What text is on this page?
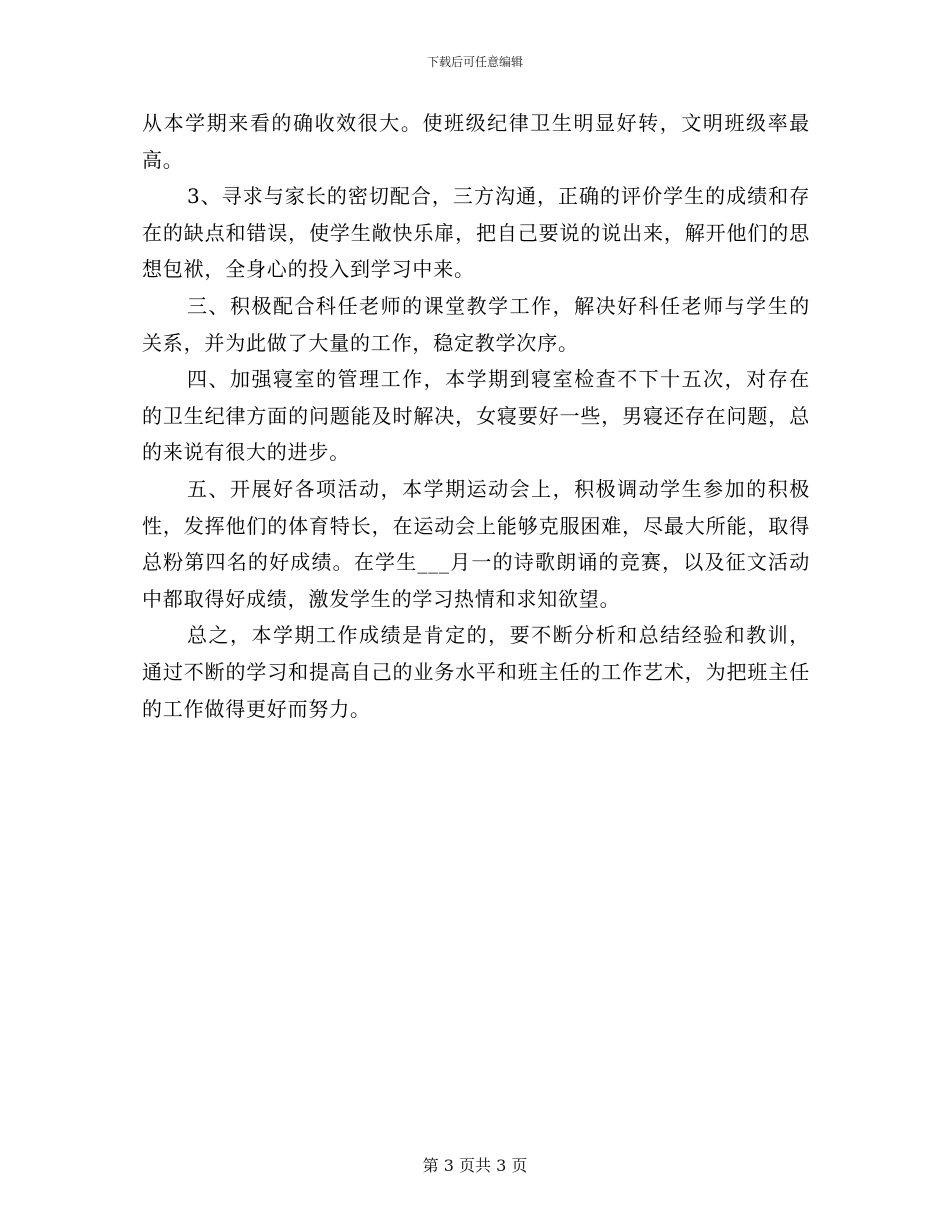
下载后可任意编辑

从本学期来看的确收效很大。使班级纪律卫生明显好转，文明班级率最高。

3、寻求与家长的密切配合，三方沟通，正确的评价学生的成绩和存在的缺点和错误，使学生敞快乐扉，把自己要说的说出来，解开他们的思想包袱，全身心的投入到学习中来。

三、积极配合科任老师的课堂教学工作，解决好科任老师与学生的关系，并为此做了大量的工作，稳定教学次序。

四、加强寝室的管理工作，本学期到寝室检查不下十五次，对存在的卫生纪律方面的问题能及时解决，女寝要好一些，男寝还存在问题，总的来说有很大的进步。

五、开展好各项活动，本学期运动会上，积极调动学生参加的积极性，发挥他们的体育特长，在运动会上能够克服困难，尽最大所能，取得总粉第四名的好成绩。在学生___月一的诗歌朗诵的竞赛，以及征文活动中都取得好成绩，激发学生的学习热情和求知欲望。

总之，本学期工作成绩是肯定的，要不断分析和总结经验和教训，通过不断的学习和提高自己的业务水平和班主任的工作艺术，为把班主任的工作做得更好而努力。

第 3 页共 3 页
